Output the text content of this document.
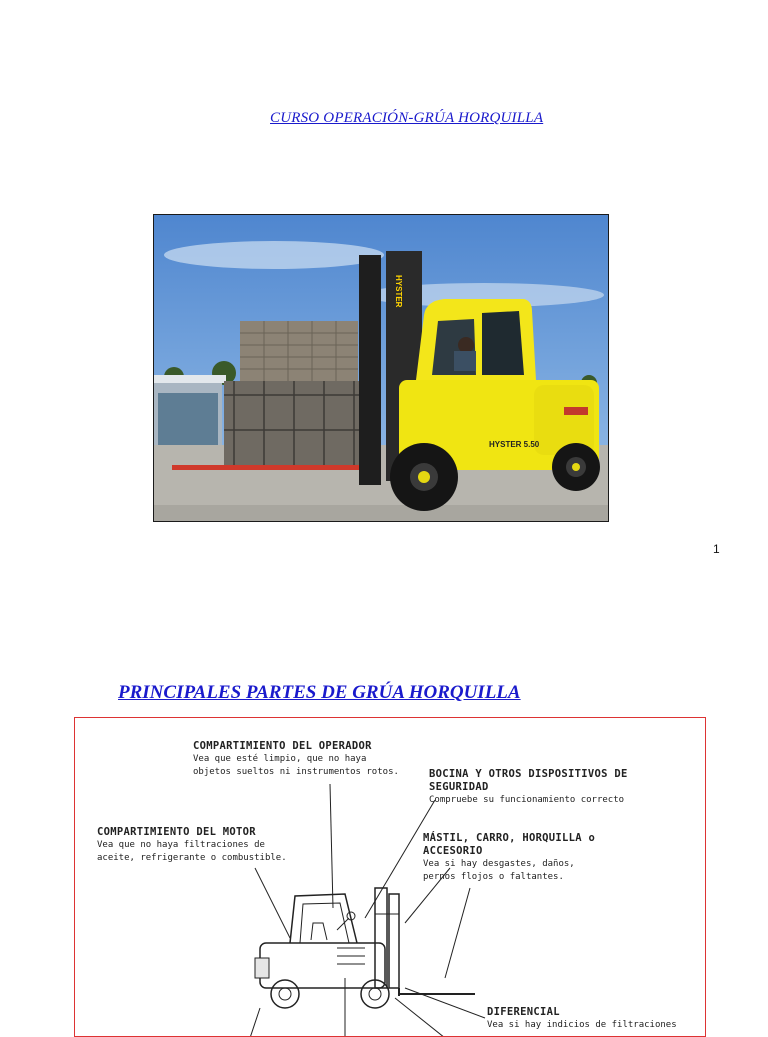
CURSO OPERACIÓN-GRÚA HORQUILLA
HYSTER
HYSTER 5.50
1
PRINCIPALES PARTES DE GRÚA HORQUILLA
COMPARTIMIENTO DEL OPERADOR
Vea que esté limpio, que no haya
objetos sueltos ni instrumentos rotos.	BOCINA Y OTROS DISPOSITIVOS DE
SEGURIDAD
Compruebe su funcionamiento correcto
COMPARTIMIENTO DEL MOTOR
Vea que no haya filtraciones de
aceite, refrigerante o combustible.
MÁSTIL, CARRO, HORQUILLA o
ACCESORIO
Vea si hay desgastes, daños,
pernos flojos o faltantes.
DIFERENCIAL
Vea si hay indicios de filtraciones
